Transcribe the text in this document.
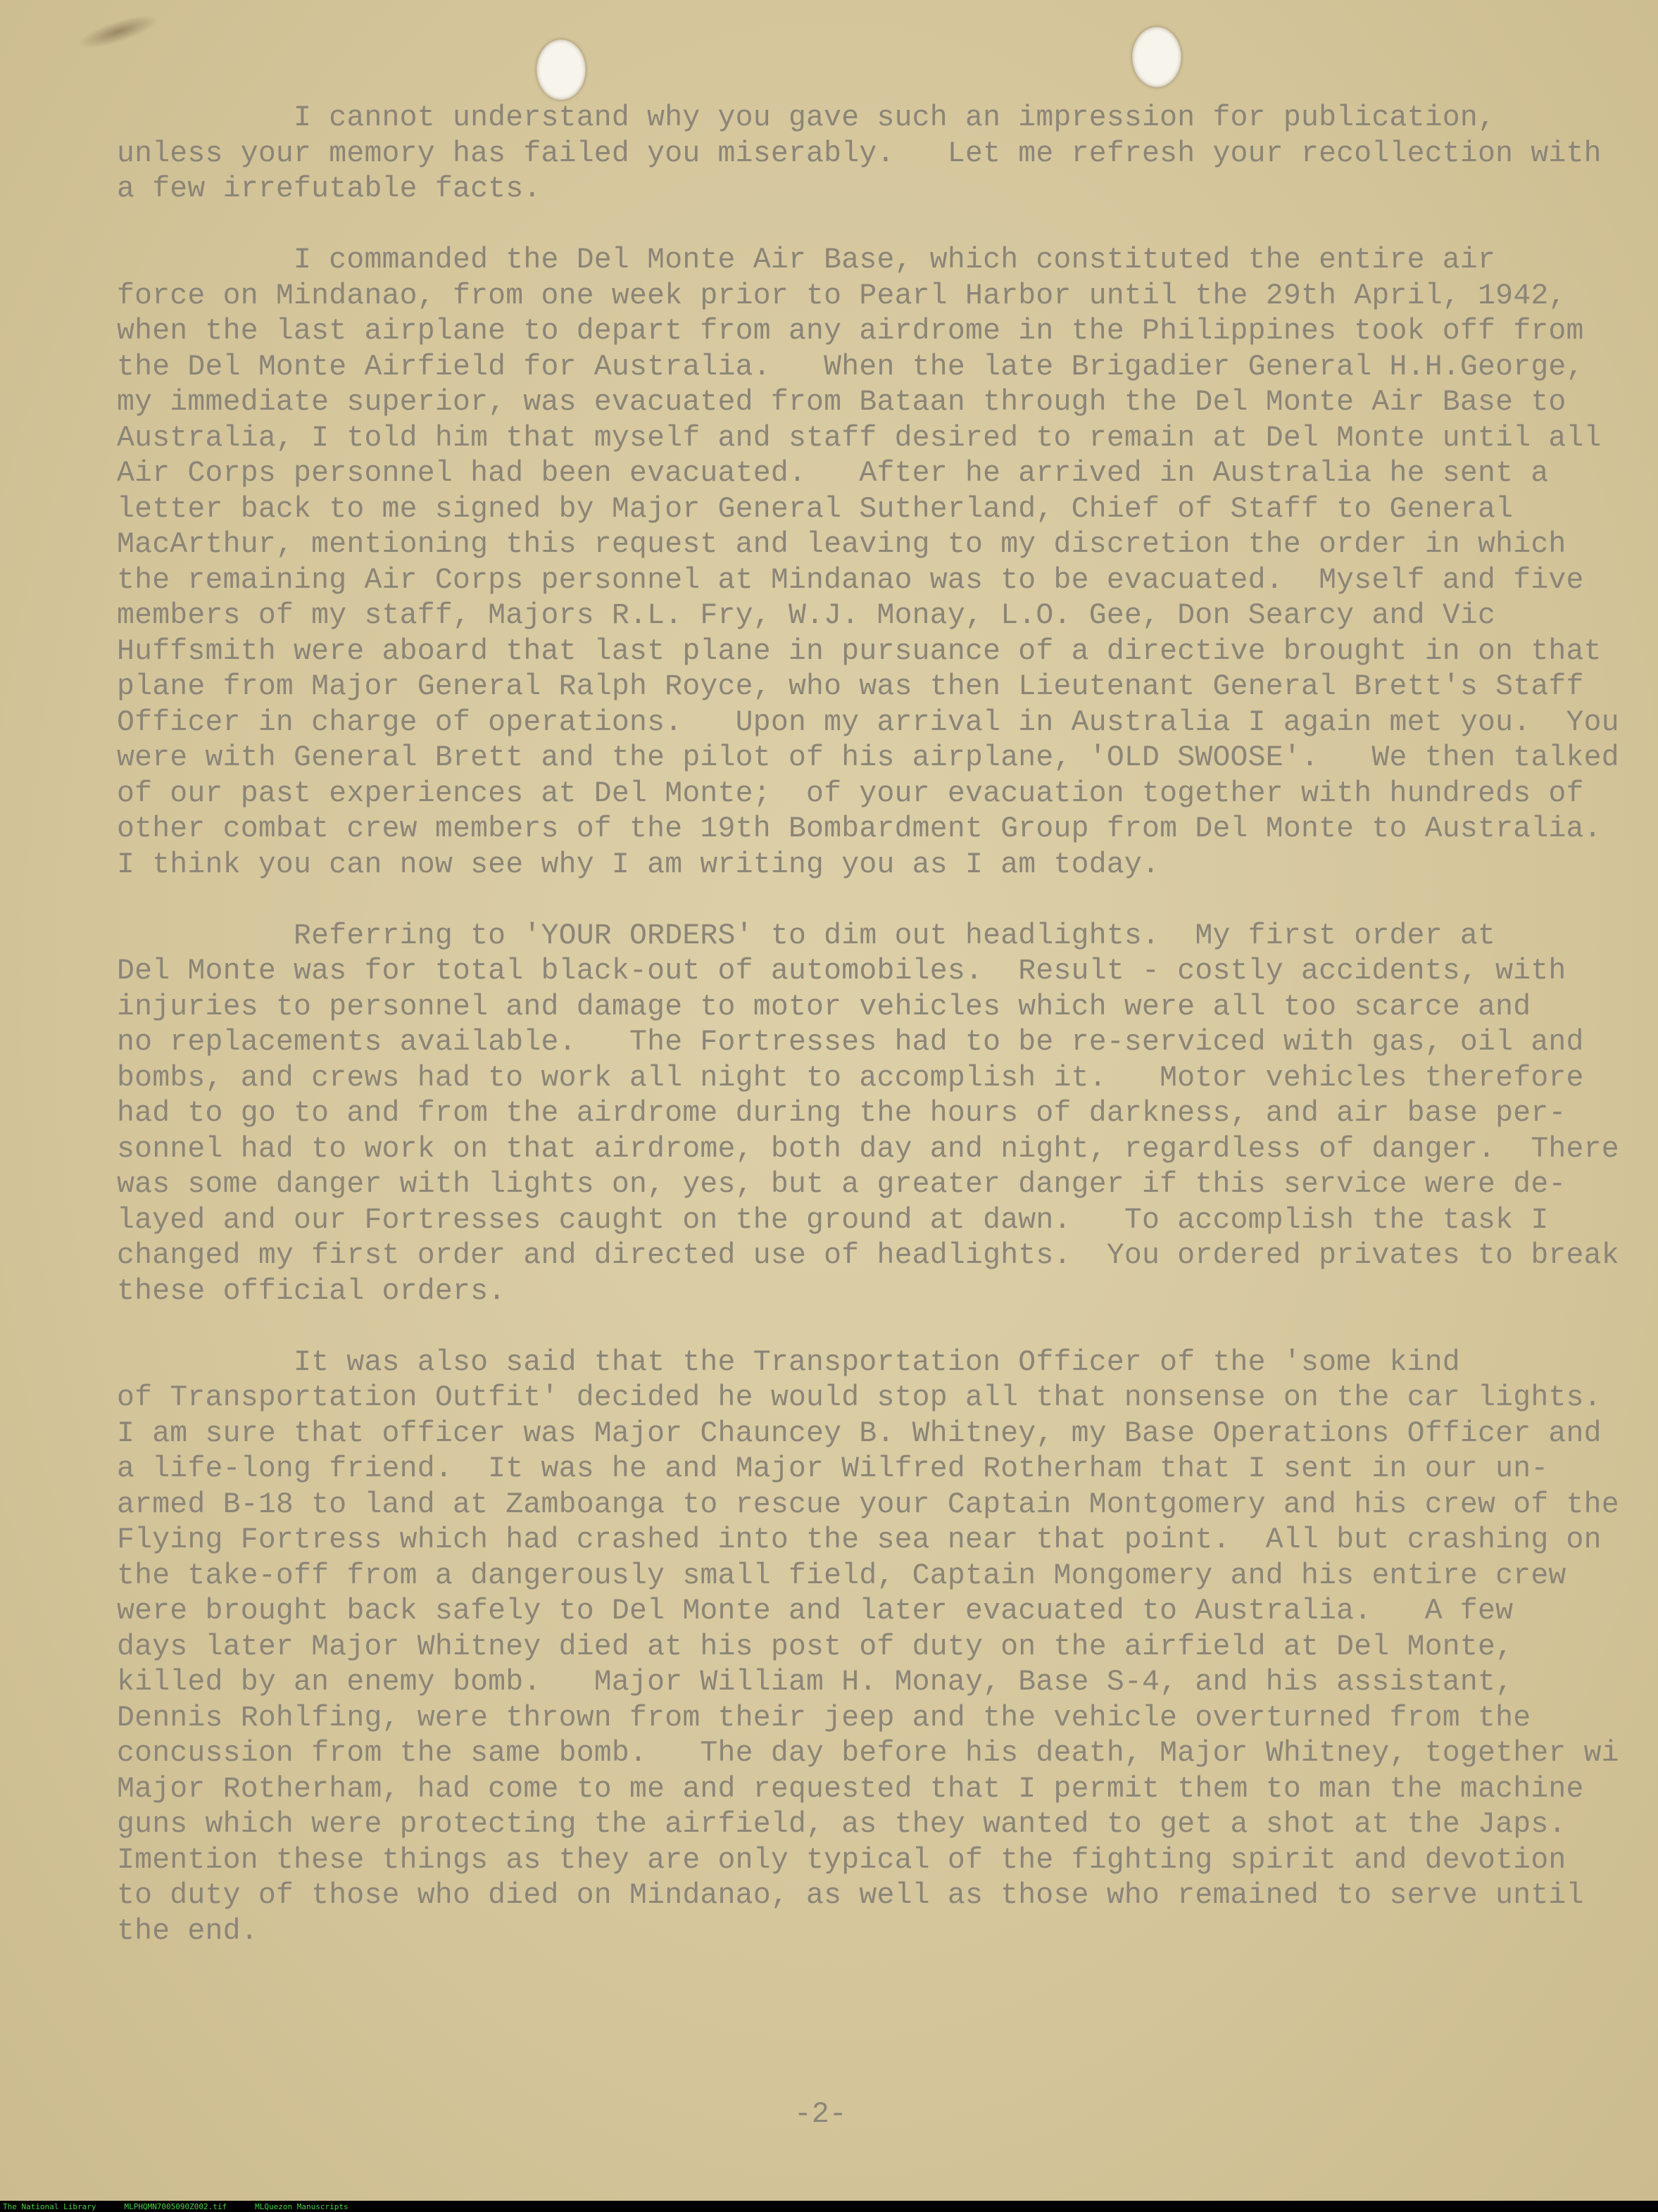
I cannot understand why you gave such an impression for publication,
unless your memory has failed you miserably.   Let me refresh your recollection with
a few irrefutable facts.
I commanded the Del Monte Air Base, which constituted the entire air
force on Mindanao, from one week prior to Pearl Harbor until the 29th April, 1942,
when the last airplane to depart from any airdrome in the Philippines took off from
the Del Monte Airfield for Australia.   When the late Brigadier General H.H.George,
my immediate superior, was evacuated from Bataan through the Del Monte Air Base to
Australia, I told him that myself and staff desired to remain at Del Monte until all
Air Corps personnel had been evacuated.   After he arrived in Australia he sent a
letter back to me signed by Major General Sutherland, Chief of Staff to General
MacArthur, mentioning this request and leaving to my discretion the order in which
the remaining Air Corps personnel at Mindanao was to be evacuated.  Myself and five
members of my staff, Majors R.L. Fry, W.J. Monay, L.O. Gee, Don Searcy and Vic
Huffsmith were aboard that last plane in pursuance of a directive brought in on that
plane from Major General Ralph Royce, who was then Lieutenant General Brett's Staff
Officer in charge of operations.   Upon my arrival in Australia I again met you.  You
were with General Brett and the pilot of his airplane, 'OLD SWOOSE'.   We then talked
of our past experiences at Del Monte;  of your evacuation together with hundreds of
other combat crew members of the 19th Bombardment Group from Del Monte to Australia.
I think you can now see why I am writing you as I am today.
Referring to 'YOUR ORDERS' to dim out headlights.  My first order at
Del Monte was for total black-out of automobiles.  Result - costly accidents, with
injuries to personnel and damage to motor vehicles which were all too scarce and
no replacements available.   The Fortresses had to be re-serviced with gas, oil and
bombs, and crews had to work all night to accomplish it.   Motor vehicles therefore
had to go to and from the airdrome during the hours of darkness, and air base per-
sonnel had to work on that airdrome, both day and night, regardless of danger.  There
was some danger with lights on, yes, but a greater danger if this service were de-
layed and our Fortresses caught on the ground at dawn.   To accomplish the task I
changed my first order and directed use of headlights.  You ordered privates to break
these official orders.
It was also said that the Transportation Officer of the 'some kind
of Transportation Outfit' decided he would stop all that nonsense on the car lights.
I am sure that officer was Major Chauncey B. Whitney, my Base Operations Officer and
a life-long friend.  It was he and Major Wilfred Rotherham that I sent in our un-
armed B-18 to land at Zamboanga to rescue your Captain Montgomery and his crew of the
Flying Fortress which had crashed into the sea near that point.  All but crashing on
the take-off from a dangerously small field, Captain Mongomery and his entire crew
were brought back safely to Del Monte and later evacuated to Australia.   A few
days later Major Whitney died at his post of duty on the airfield at Del Monte,
killed by an enemy bomb.   Major William H. Monay, Base S-4, and his assistant,
Dennis Rohlfing, were thrown from their jeep and the vehicle overturned from the
concussion from the same bomb.   The day before his death, Major Whitney, together wi
Major Rotherham, had come to me and requested that I permit them to man the machine
guns which were protecting the airfield, as they wanted to get a shot at the Japs.
Imention these things as they are only typical of the fighting spirit and devotion
to duty of those who died on Mindanao, as well as those who remained to serve until
the end.
-2-
The National Library	MLPHQMN7005090Z002.tif	MLQuezon Manuscripts
